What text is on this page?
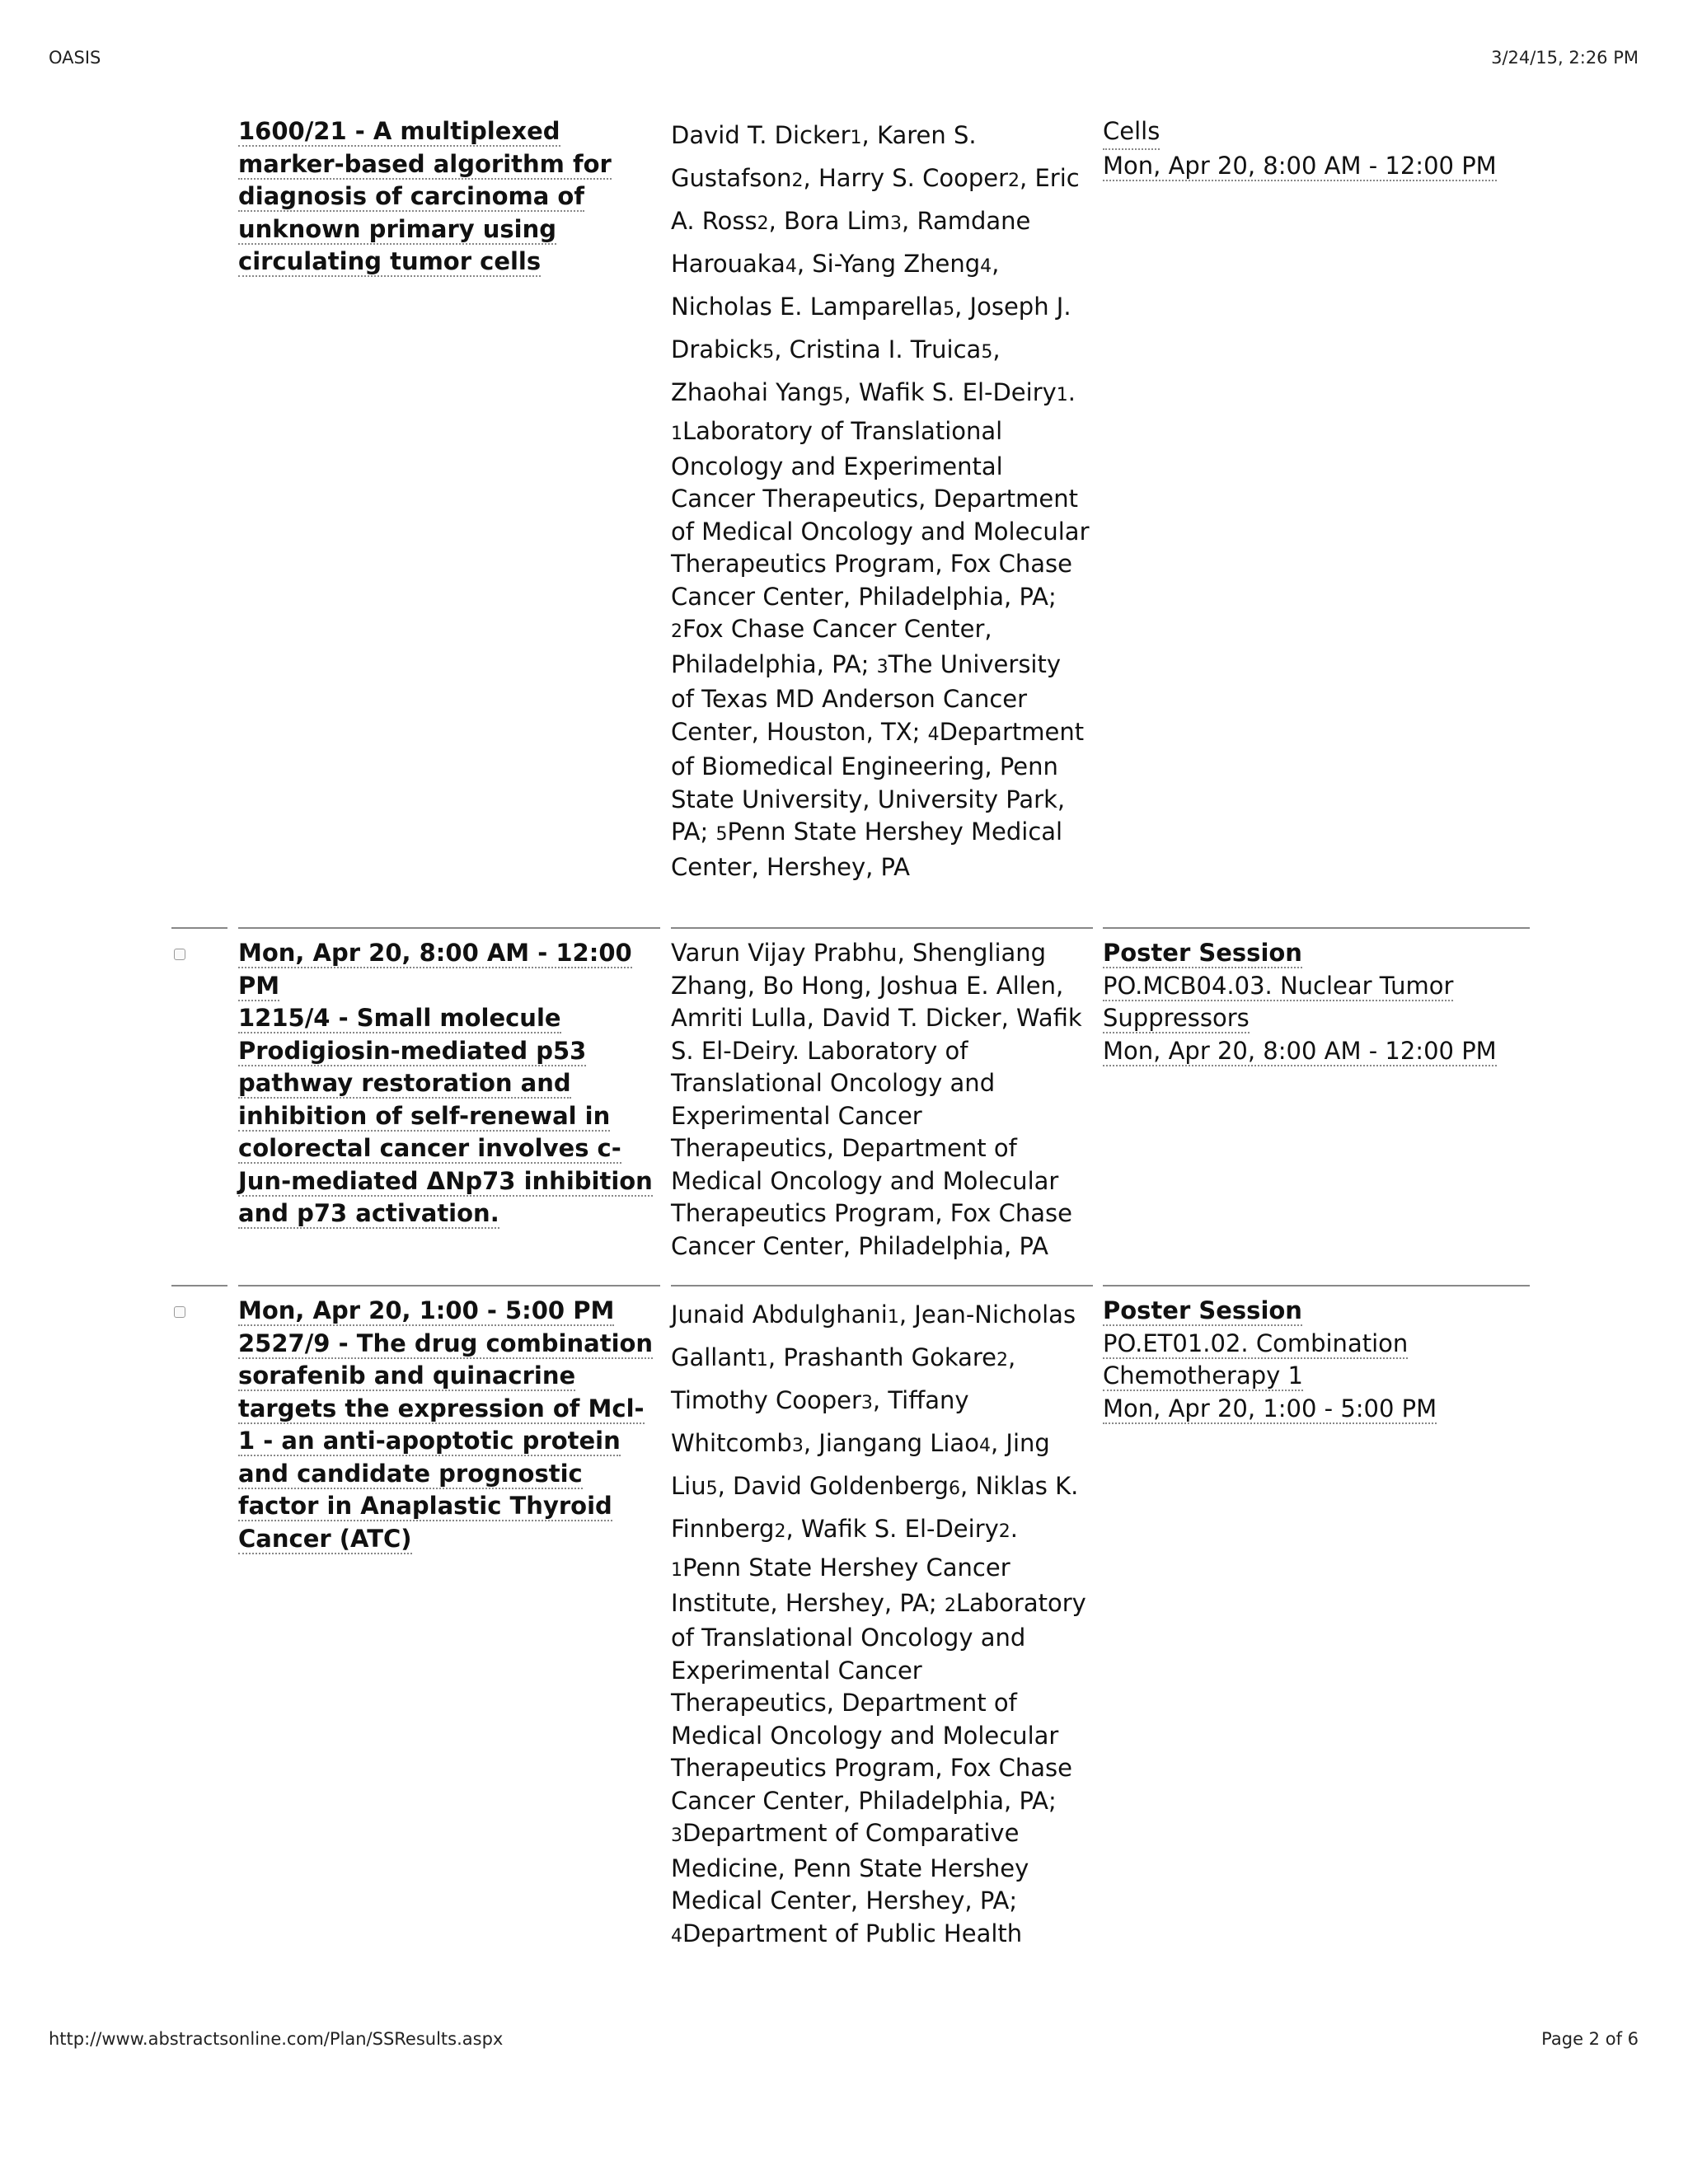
OASIS	3/24/15, 2:26 PM
http://www.abstractsonline.com/Plan/SSResults.aspx	Page 2 of 6
1600/21 - A multiplexed marker-based algorithm for diagnosis of carcinoma of unknown primary using circulating tumor cells
David T. Dicker1, Karen S. Gustafson2, Harry S. Cooper2, Eric A. Ross2, Bora Lim3, Ramdane Harouaka4, Si-Yang Zheng4, Nicholas E. Lamparella5, Joseph J. Drabick5, Cristina I. Truica5, Zhaohai Yang5, Wafik S. El-Deiry1.
1Laboratory of Translational Oncology and Experimental Cancer Therapeutics, Department of Medical Oncology and Molecular Therapeutics Program, Fox Chase Cancer Center, Philadelphia, PA; 2Fox Chase Cancer Center, Philadelphia, PA; 3The University of Texas MD Anderson Cancer Center, Houston, TX; 4Department of Biomedical Engineering, Penn State University, University Park, PA; 5Penn State Hershey Medical Center, Hershey, PA
Cells
Mon, Apr 20, 8:00 AM - 12:00 PM
Mon, Apr 20, 8:00 AM - 12:00 PM
1215/4 - Small molecule Prodigiosin-mediated p53 pathway restoration and inhibition of self-renewal in colorectal cancer involves c-Jun-mediated ΔNp73 inhibition and p73 activation.
Varun Vijay Prabhu, Shengliang Zhang, Bo Hong, Joshua E. Allen, Amriti Lulla, David T. Dicker, Wafik S. El-Deiry. Laboratory of Translational Oncology and Experimental Cancer Therapeutics, Department of Medical Oncology and Molecular Therapeutics Program, Fox Chase Cancer Center, Philadelphia, PA
Poster Session
PO.MCB04.03. Nuclear Tumor Suppressors
Mon, Apr 20, 8:00 AM - 12:00 PM
Mon, Apr 20, 1:00 - 5:00 PM
2527/9 - The drug combination sorafenib and quinacrine targets the expression of Mcl-1 - an anti-apoptotic protein and candidate prognostic factor in Anaplastic Thyroid Cancer (ATC)
Junaid Abdulghani1, Jean-Nicholas Gallant1, Prashanth Gokare2, Timothy Cooper3, Tiffany Whitcomb3, Jiangang Liao4, Jing Liu5, David Goldenberg6, Niklas K. Finnberg2, Wafik S. El-Deiry2.
1Penn State Hershey Cancer Institute, Hershey, PA; 2Laboratory of Translational Oncology and Experimental Cancer Therapeutics, Department of Medical Oncology and Molecular Therapeutics Program, Fox Chase Cancer Center, Philadelphia, PA; 3Department of Comparative Medicine, Penn State Hershey Medical Center, Hershey, PA; 4Department of Public Health
Poster Session
PO.ET01.02. Combination Chemotherapy 1
Mon, Apr 20, 1:00 - 5:00 PM
